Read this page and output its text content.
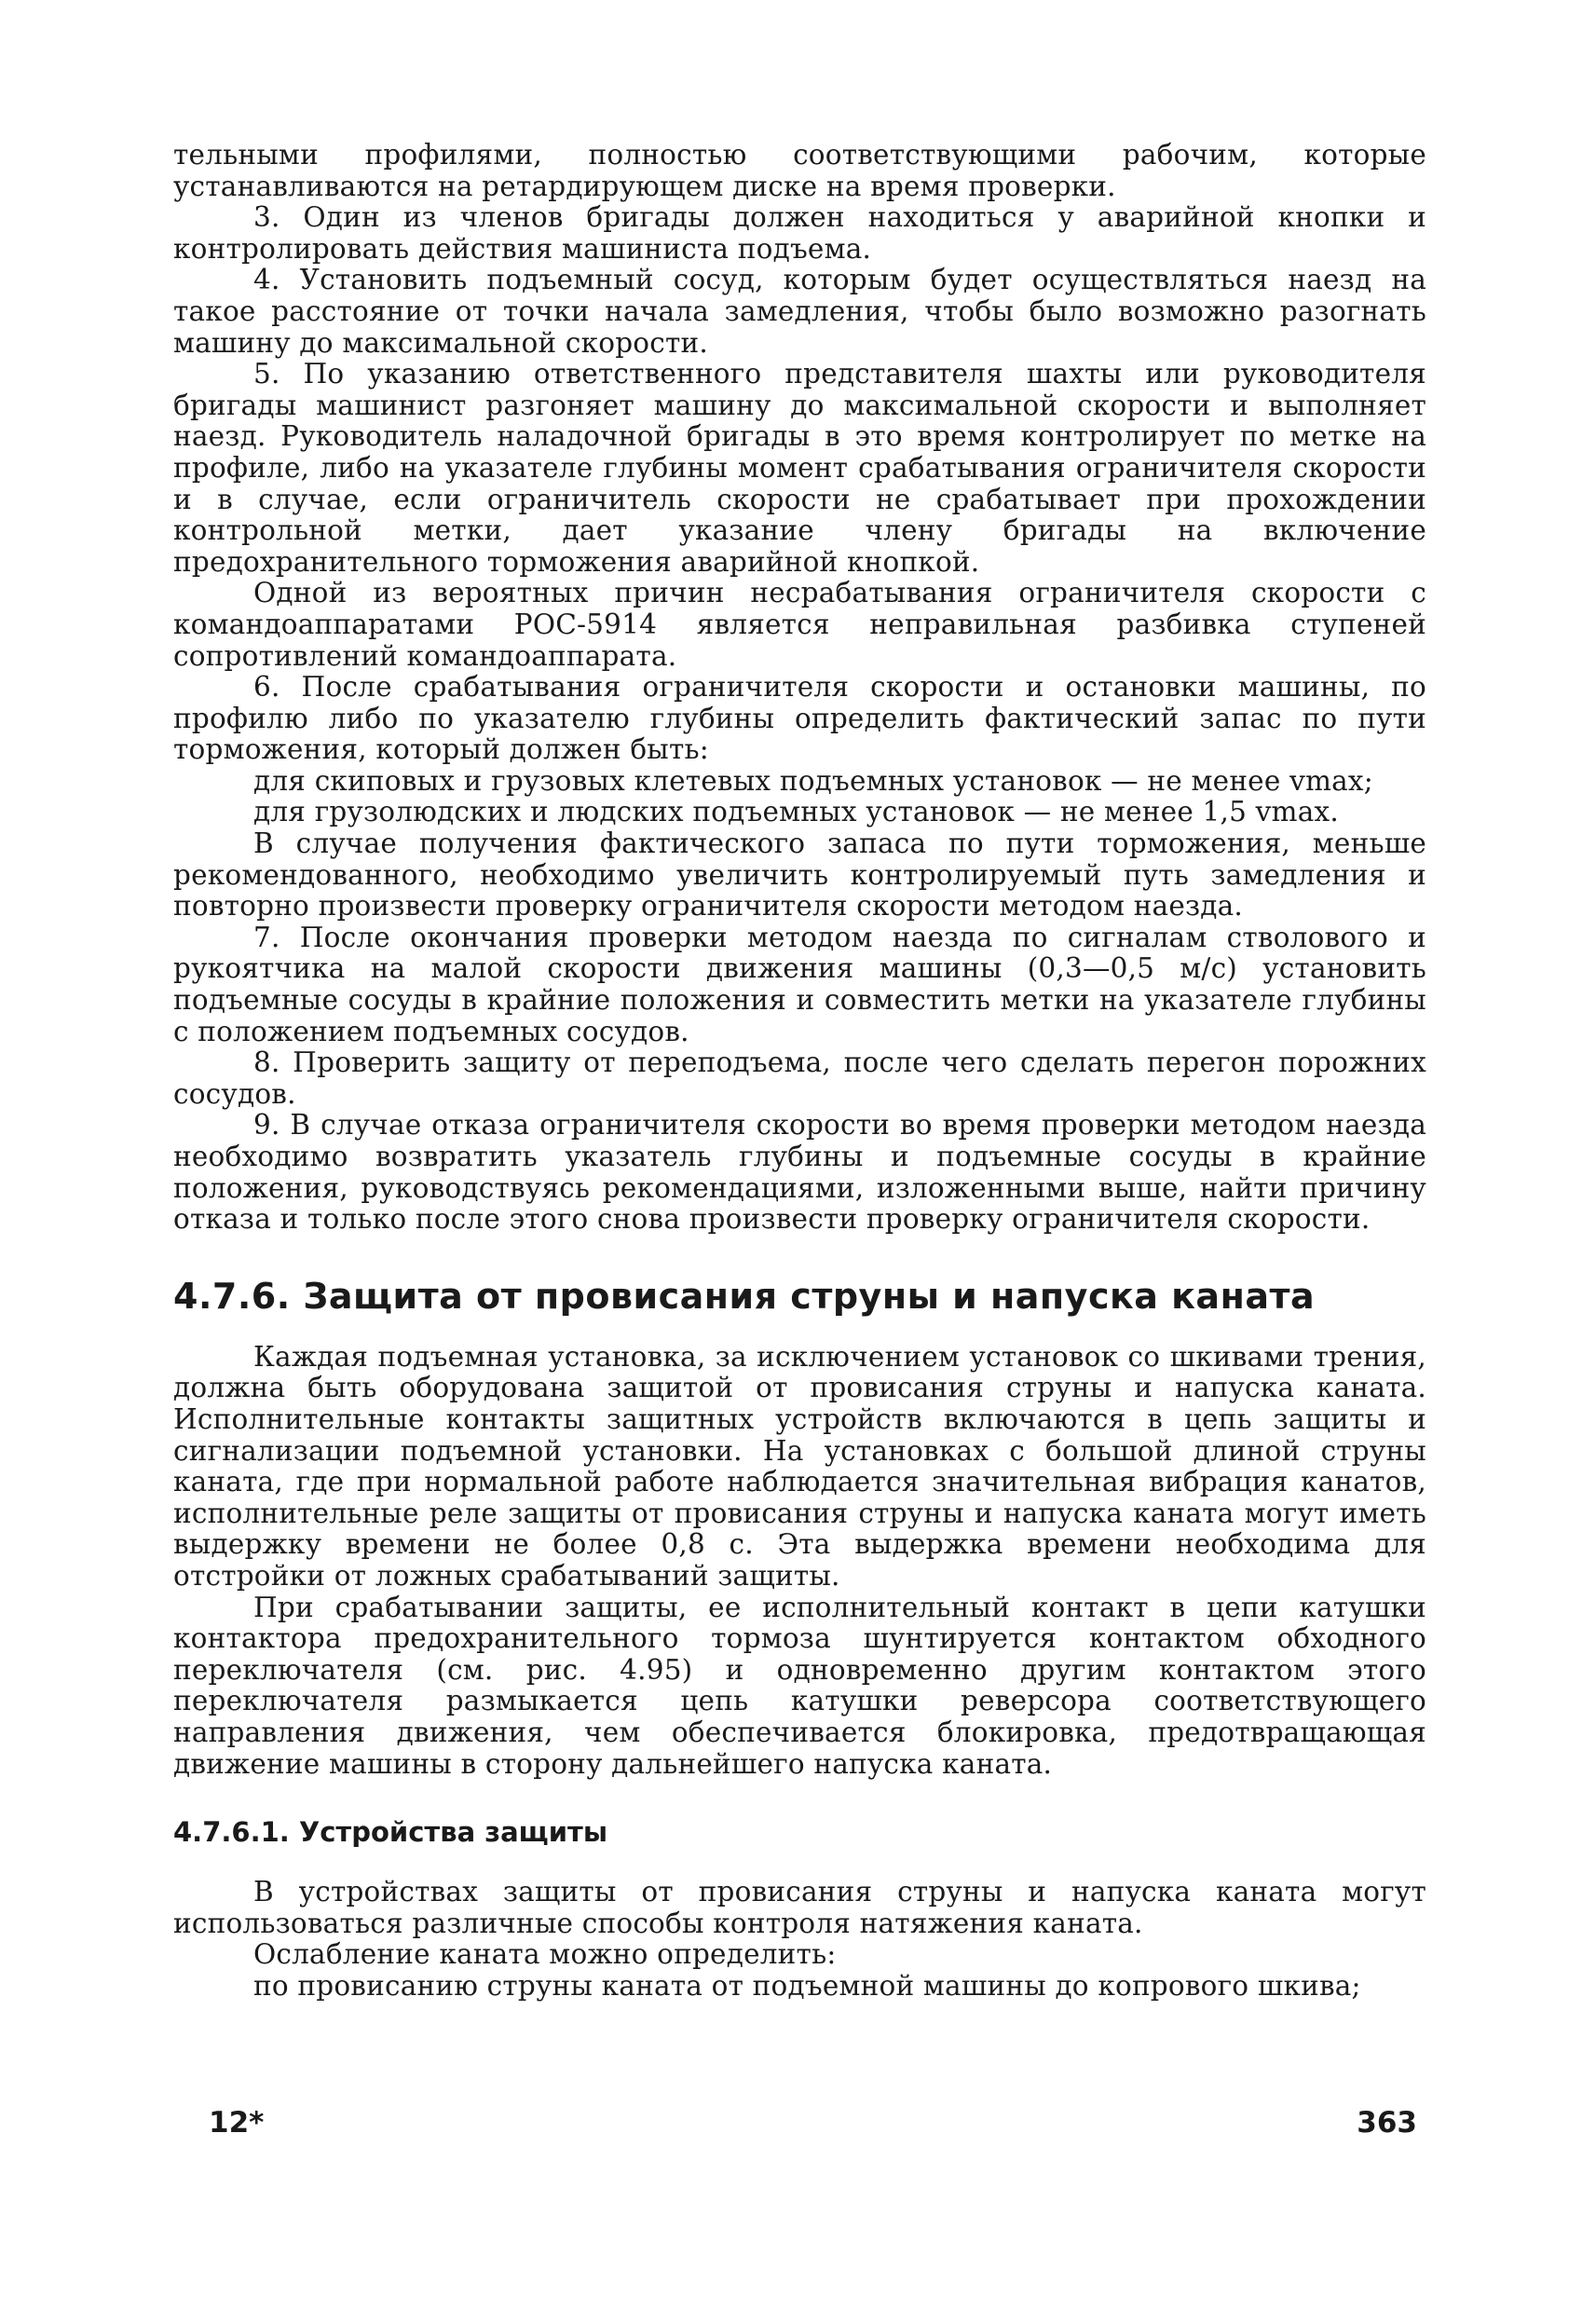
тельными профилями, полностью соответствующими рабочим, которые устанавливаются на ретардирующем диске на время проверки.

3. Один из членов бригады должен находиться у аварийной кнопки и контролировать действия машиниста подъема.

4. Установить подъемный сосуд, которым будет осуществляться наезд на такое расстояние от точки начала замедления, чтобы было возможно разогнать машину до максимальной скорости.

5. По указанию ответственного представителя шахты или руководителя бригады машинист разгоняет машину до максимальной скорости и выполняет наезд. Руководитель наладочной бригады в это время контролирует по метке на профиле, либо на указателе глубины момент срабатывания ограничителя скорости и в случае, если ограничитель скорости не срабатывает при прохождении контрольной метки, дает указание члену бригады на включение предохранительного торможения аварийной кнопкой.

Одной из вероятных причин несрабатывания ограничителя скорости с командоаппаратами РОС-5914 является неправильная разбивка ступеней сопротивлений командоаппарата.

6. После срабатывания ограничителя скорости и остановки машины, по профилю либо по указателю глубины определить фактический запас по пути торможения, который должен быть:

для скиповых и грузовых клетевых подъемных установок — не менее vmax;

для грузолюдских и людских подъемных установок — не менее 1,5 vmax.

В случае получения фактического запаса по пути торможения, меньше рекомендованного, необходимо увеличить контролируемый путь замедления и повторно произвести проверку ограничителя скорости методом наезда.

7. После окончания проверки методом наезда по сигналам стволового и рукоятчика на малой скорости движения машины (0,3—0,5 м/с) установить подъемные сосуды в крайние положения и совместить метки на указателе глубины с положением подъемных сосудов.

8. Проверить защиту от переподъема, после чего сделать перегон порожних сосудов.

9. В случае отказа ограничителя скорости во время проверки методом наезда необходимо возвратить указатель глубины и подъемные сосуды в крайние положения, руководствуясь рекомендациями, изложенными выше, найти причину отказа и только после этого снова произвести проверку ограничителя скорости.

4.7.6. Защита от провисания струны и напуска каната

Каждая подъемная установка, за исключением установок со шкивами трения, должна быть оборудована защитой от провисания струны и напуска каната. Исполнительные контакты защитных устройств включаются в цепь защиты и сигнализации подъемной установки. На установках с большой длиной струны каната, где при нормальной работе наблюдается значительная вибрация канатов, исполнительные реле защиты от провисания струны и напуска каната могут иметь выдержку времени не более 0,8 с. Эта выдержка времени необходима для отстройки от ложных срабатываний защиты.

При срабатывании защиты, ее исполнительный контакт в цепи катушки контактора предохранительного тормоза шунтируется контактом обходного переключателя (см. рис. 4.95) и одновременно другим контактом этого переключателя размыкается цепь катушки реверсора соответствующего направления движения, чем обеспечивается блокировка, предотвращающая движение машины в сторону дальнейшего напуска каната.

4.7.6.1. Устройства защиты

В устройствах защиты от провисания струны и напуска каната могут использоваться различные способы контроля натяжения каната.

Ослабление каната можно определить:

по провисанию струны каната от подъемной машины до копрового шкива;

12*	363
